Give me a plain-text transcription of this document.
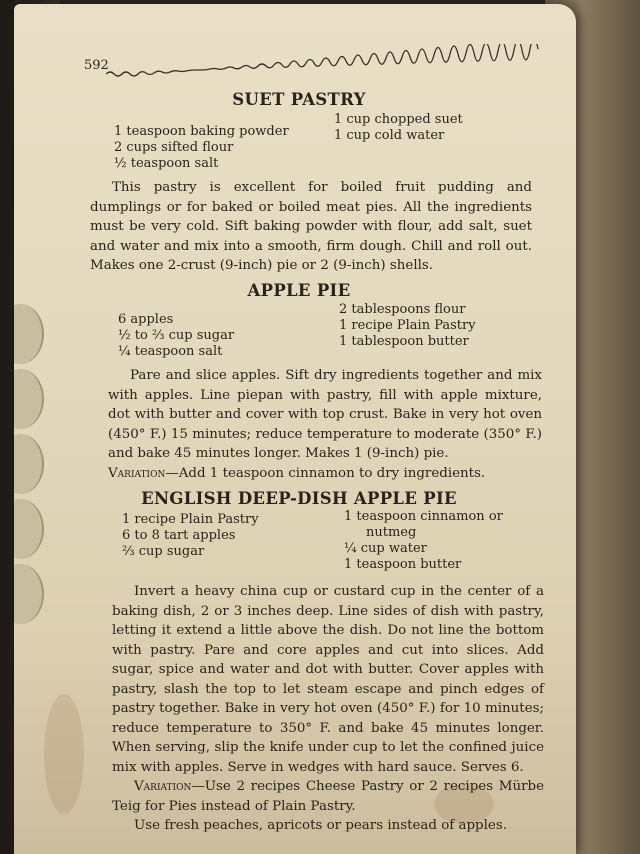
592
SUET PASTRY
1 teaspoon baking powder
2 cups sifted flour
½ teaspoon salt
1 cup chopped suet
1 cup cold water
This pastry is excellent for boiled fruit pudding and dumplings or for baked or boiled meat pies. All the ingredients must be very cold. Sift baking powder with flour, add salt, suet and water and mix into a smooth, firm dough. Chill and roll out. Makes one 2-crust (9-inch) pie or 2 (9-inch) shells.
APPLE PIE
6 apples
½ to ⅔ cup sugar
¼ teaspoon salt
2 tablespoons flour
1 recipe Plain Pastry
1 tablespoon butter
Pare and slice apples. Sift dry ingredients together and mix with apples. Line piepan with pastry, fill with apple mixture, dot with butter and cover with top crust. Bake in very hot oven (450° F.) 15 minutes; reduce temperature to moderate (350° F.) and bake 45 minutes longer. Makes 1 (9-inch) pie.
Variation—Add 1 teaspoon cinnamon to dry ingredients.
ENGLISH DEEP-DISH APPLE PIE
1 recipe Plain Pastry
6 to 8 tart apples
⅔ cup sugar
1 teaspoon cinnamon or
nutmeg
¼ cup water
1 teaspoon butter
Invert a heavy china cup or custard cup in the center of a baking dish, 2 or 3 inches deep. Line sides of dish with pastry, letting it extend a little above the dish. Do not line the bottom with pastry. Pare and core apples and cut into slices. Add sugar, spice and water and dot with butter. Cover apples with pastry, slash the top to let steam escape and pinch edges of pastry together. Bake in very hot oven (450° F.) for 10 minutes; reduce temperature to 350° F. and bake 45 minutes longer. When serving, slip the knife under cup to let the confined juice mix with apples. Serve in wedges with hard sauce. Serves 6.
Variation—Use 2 recipes Cheese Pastry or 2 recipes Mürbe Teig for Pies instead of Plain Pastry.
Use fresh peaches, apricots or pears instead of apples.
